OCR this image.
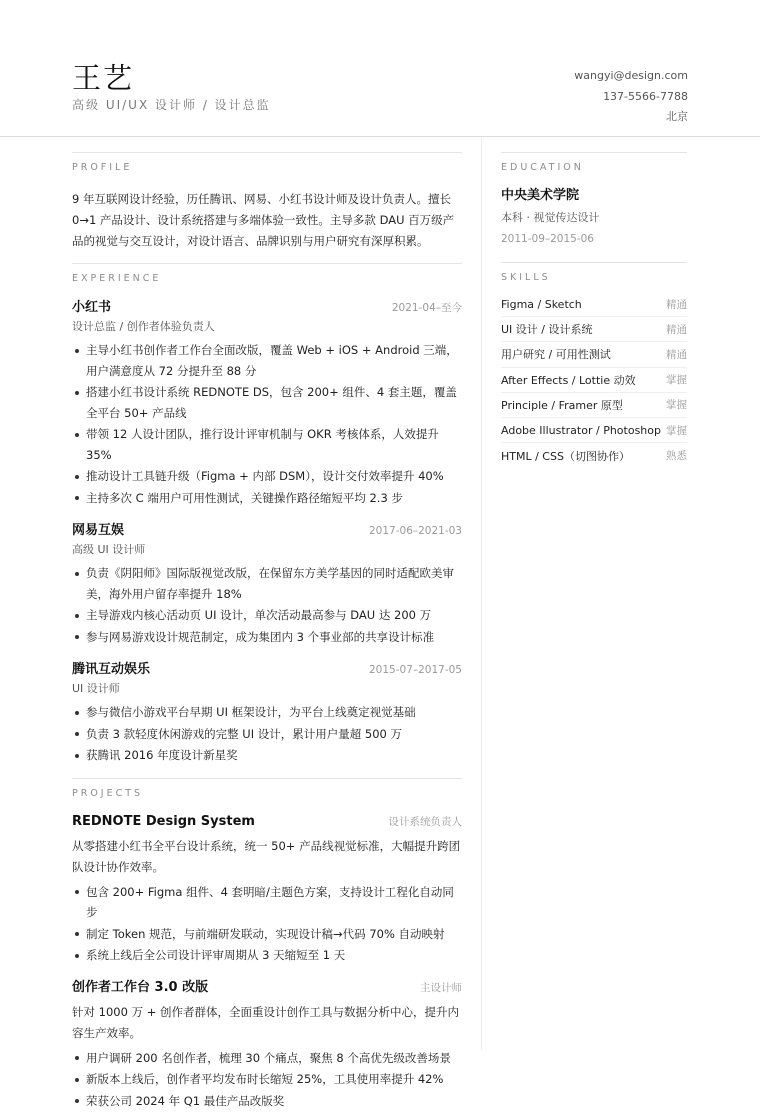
王艺
高级 UI/UX 设计师 / 设计总监
wangyi@design.com
137-5566-7788
北京
PROFILE
9 年互联网设计经验，历任腾讯、网易、小红书设计师及设计负责人。擅长 0→1 产品设计、设计系统搭建与多端体验一致性。主导多款 DAU 百万级产品的视觉与交互设计，对设计语言、品牌识别与用户研究有深厚积累。
EXPERIENCE
小红书	2021-04–至今
设计总监 / 创作者体验负责人
主导小红书创作者工作台全面改版，覆盖 Web + iOS + Android 三端，用户满意度从 72 分提升至 88 分
搭建小红书设计系统 REDNOTE DS，包含 200+ 组件、4 套主题，覆盖全平台 50+ 产品线
带领 12 人设计团队，推行设计评审机制与 OKR 考核体系，人效提升 35%
推动设计工具链升级（Figma + 内部 DSM），设计交付效率提升 40%
主持多次 C 端用户可用性测试，关键操作路径缩短平均 2.3 步
网易互娱	2017-06–2021-03
高级 UI 设计师
负责《阴阳师》国际版视觉改版，在保留东方美学基因的同时适配欧美审美，海外用户留存率提升 18%
主导游戏内核心活动页 UI 设计，单次活动最高参与 DAU 达 200 万
参与网易游戏设计规范制定，成为集团内 3 个事业部的共享设计标准
腾讯互动娱乐	2015-07–2017-05
UI 设计师
参与微信小游戏平台早期 UI 框架设计，为平台上线奠定视觉基础
负责 3 款轻度休闲游戏的完整 UI 设计，累计用户量超 500 万
获腾讯 2016 年度设计新星奖
PROJECTS
REDNOTE Design System	设计系统负责人
从零搭建小红书全平台设计系统，统一 50+ 产品线视觉标准，大幅提升跨团队设计协作效率。
包含 200+ Figma 组件、4 套明暗/主题色方案，支持设计工程化自动同步
制定 Token 规范，与前端研发联动，实现设计稿→代码 70% 自动映射
系统上线后全公司设计评审周期从 3 天缩短至 1 天
创作者工作台 3.0 改版	主设计师
针对 1000 万 + 创作者群体，全面重设计创作工具与数据分析中心，提升内容生产效率。
用户调研 200 名创作者，梳理 30 个痛点，聚焦 8 个高优先级改善场景
新版本上线后，创作者平均发布时长缩短 25%，工具使用率提升 42%
荣获公司 2024 年 Q1 最佳产品改版奖
EDUCATION
中央美术学院
本科 · 视觉传达设计
2011-09–2015-06
SKILLS
Figma / Sketch	精通
UI 设计 / 设计系统	精通
用户研究 / 可用性测试	精通
After Effects / Lottie 动效	掌握
Principle / Framer 原型	掌握
Adobe Illustrator / Photoshop 掌握
HTML / CSS（切图协作）	熟悉
